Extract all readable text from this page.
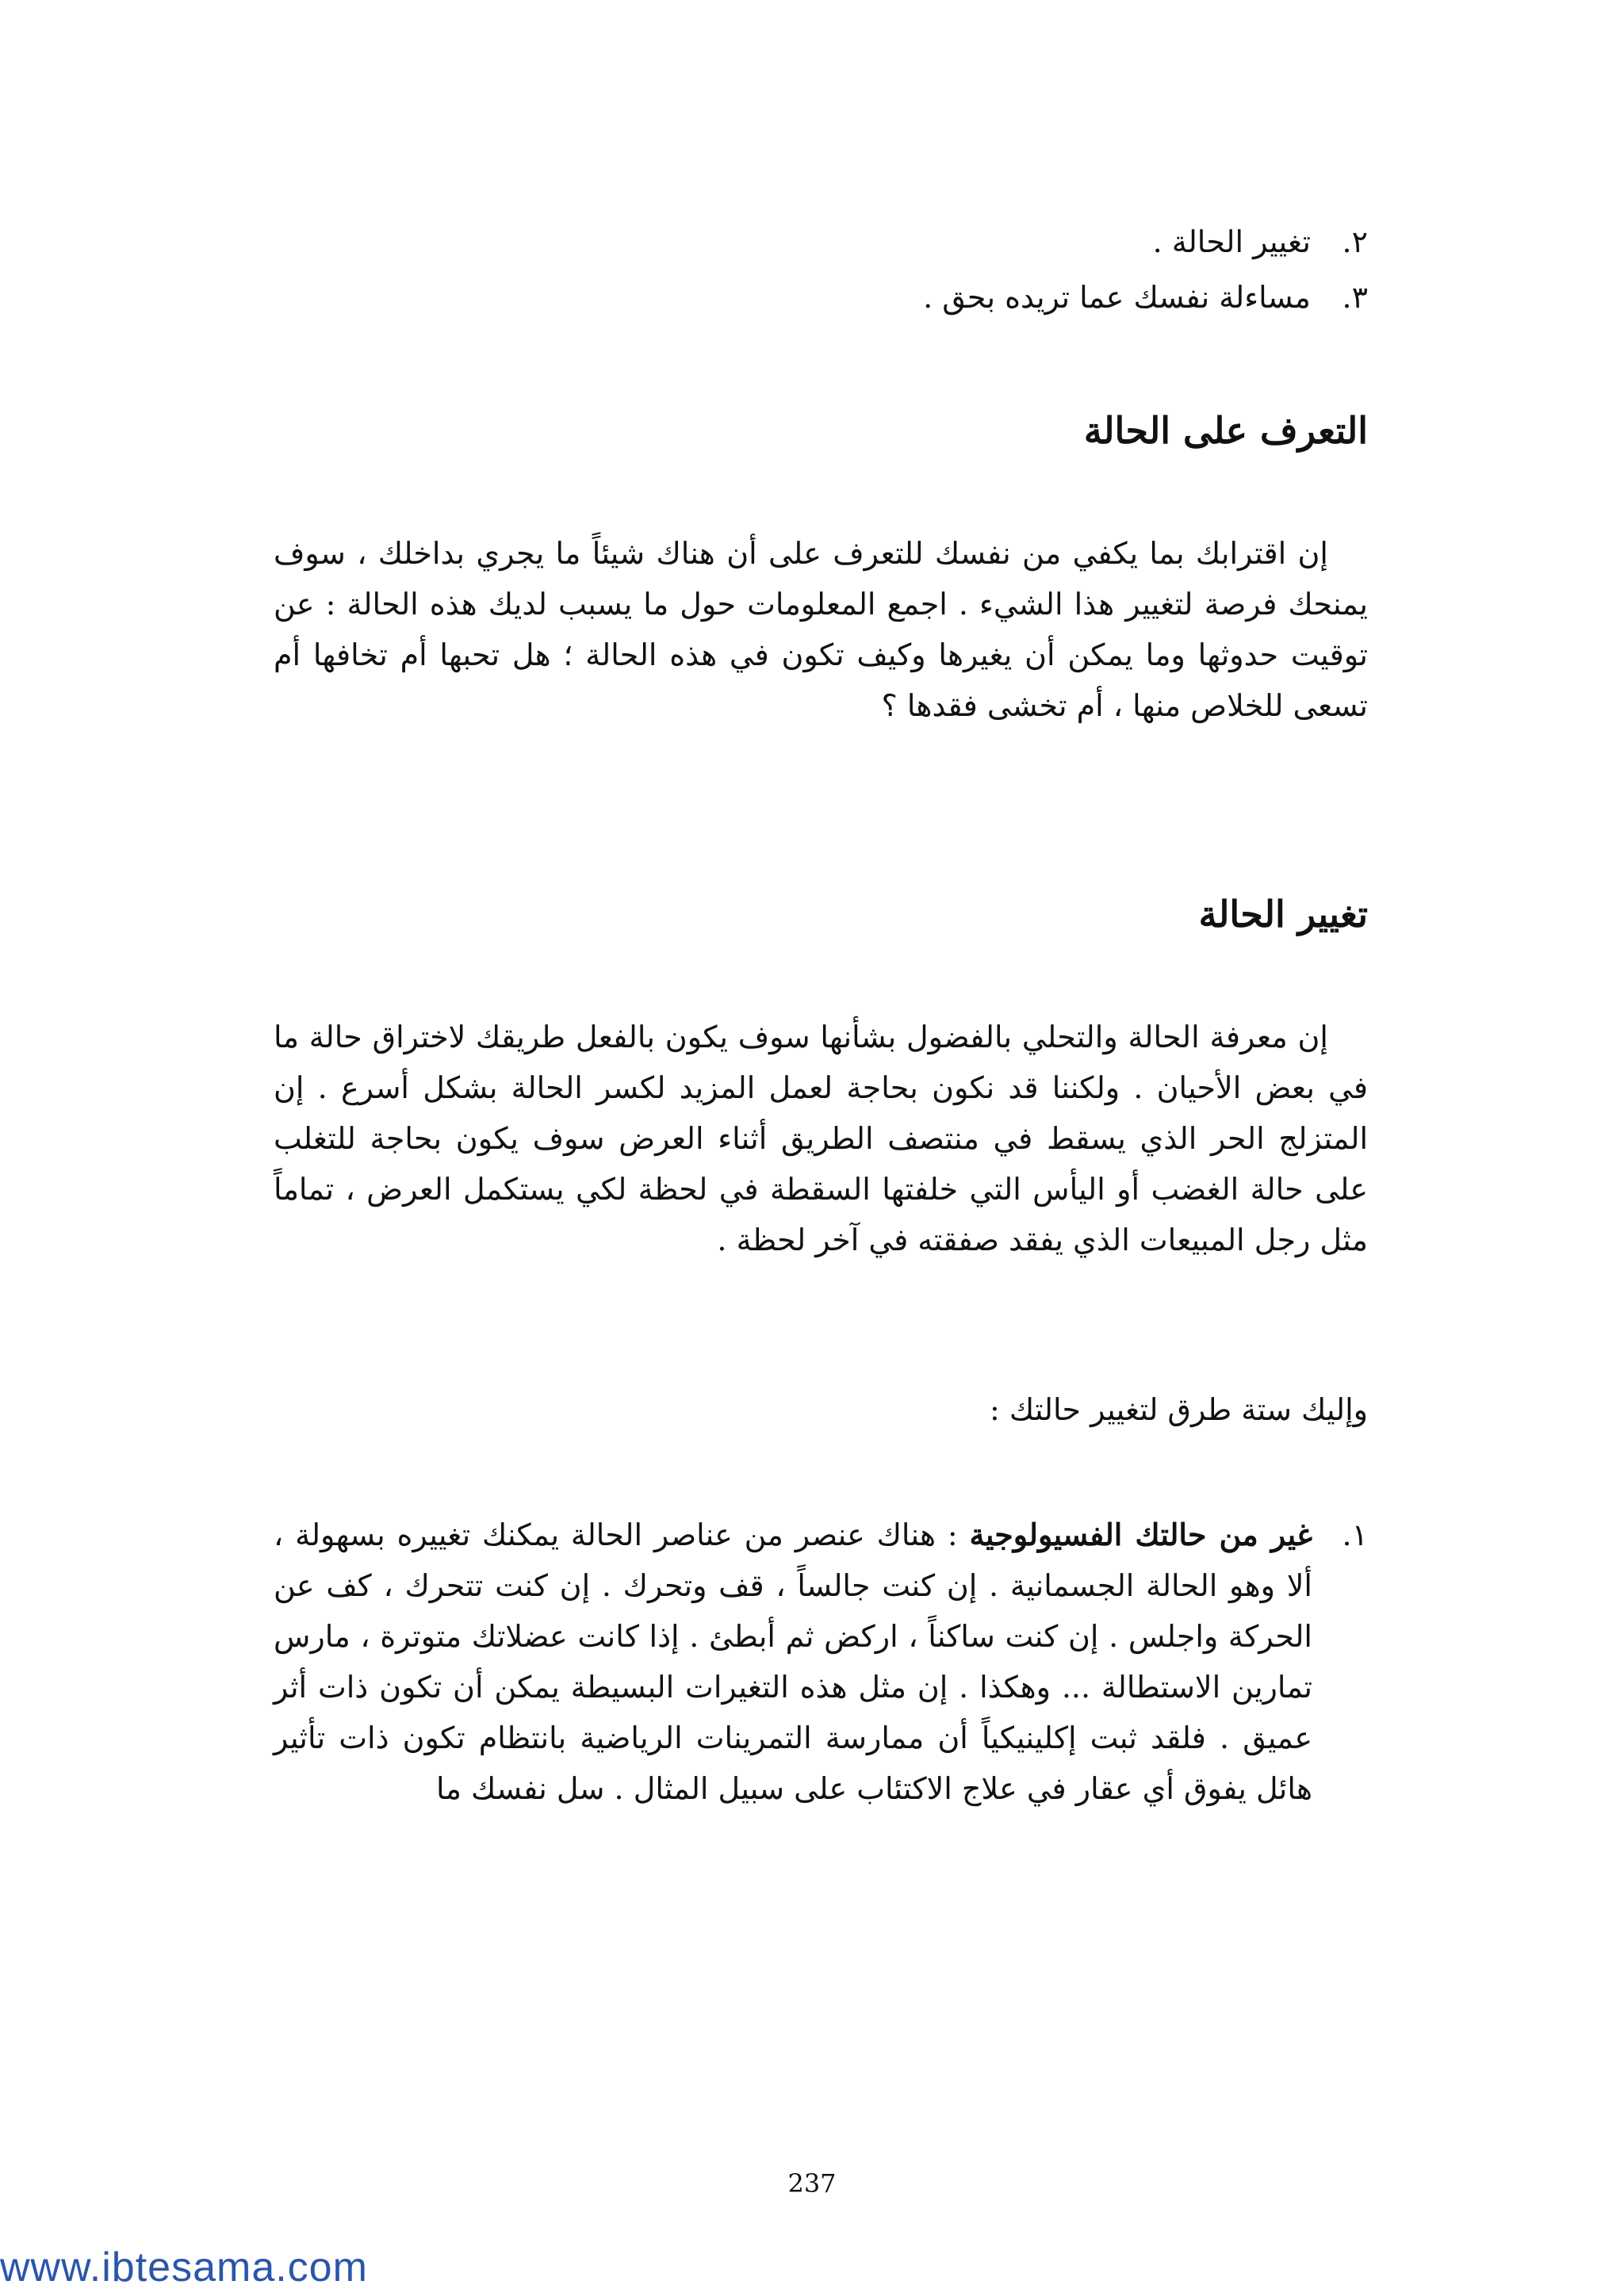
٢. تغيير الحالة .
٣. مساءلة نفسك عما تريده بحق .
التعرف على الحالة

إن اقترابك بما يكفي من نفسك للتعرف على أن هناك شيئاً ما يجري بداخلك ، سوف يمنحك فرصة لتغيير هذا الشيء . اجمع المعلومات حول ما يسبب لديك هذه الحالة : عن توقيت حدوثها وما يمكن أن يغيرها وكيف تكون في هذه الحالة ؛ هل تحبها أم تخافها أم تسعى للخلاص منها ، أم تخشى فقدها ؟

تغيير الحالة

إن معرفة الحالة والتحلي بالفضول بشأنها سوف يكون بالفعل طريقك لاختراق حالة ما في بعض الأحيان . ولكننا قد نكون بحاجة لعمل المزيد لكسر الحالة بشكل أسرع . إن المتزلج الحر الذي يسقط في منتصف الطريق أثناء العرض سوف يكون بحاجة للتغلب على حالة الغضب أو اليأس التي خلفتها السقطة في لحظة لكي يستكمل العرض ، تماماً مثل رجل المبيعات الذي يفقد صفقته في آخر لحظة .

وإليك ستة طرق لتغيير حالتك :

١.
غير من حالتك الفسيولوجية : هناك عنصر من عناصر الحالة يمكنك تغييره بسهولة ، ألا وهو الحالة الجسمانية . إن كنت جالساً ، قف وتحرك . إن كنت تتحرك ، كف عن الحركة واجلس . إن كنت ساكناً ، اركض ثم أبطئ . إذا كانت عضلاتك متوترة ، مارس تمارين الاستطالة ... وهكذا . إن مثل هذه التغيرات البسيطة يمكن أن تكون ذات أثر عميق . فلقد ثبت إكلينيكياً أن ممارسة التمرينات الرياضية بانتظام تكون ذات تأثير هائل يفوق أي عقار في علاج الاكتئاب على سبيل المثال . سل نفسك ما
237
www.ibtesama.com
